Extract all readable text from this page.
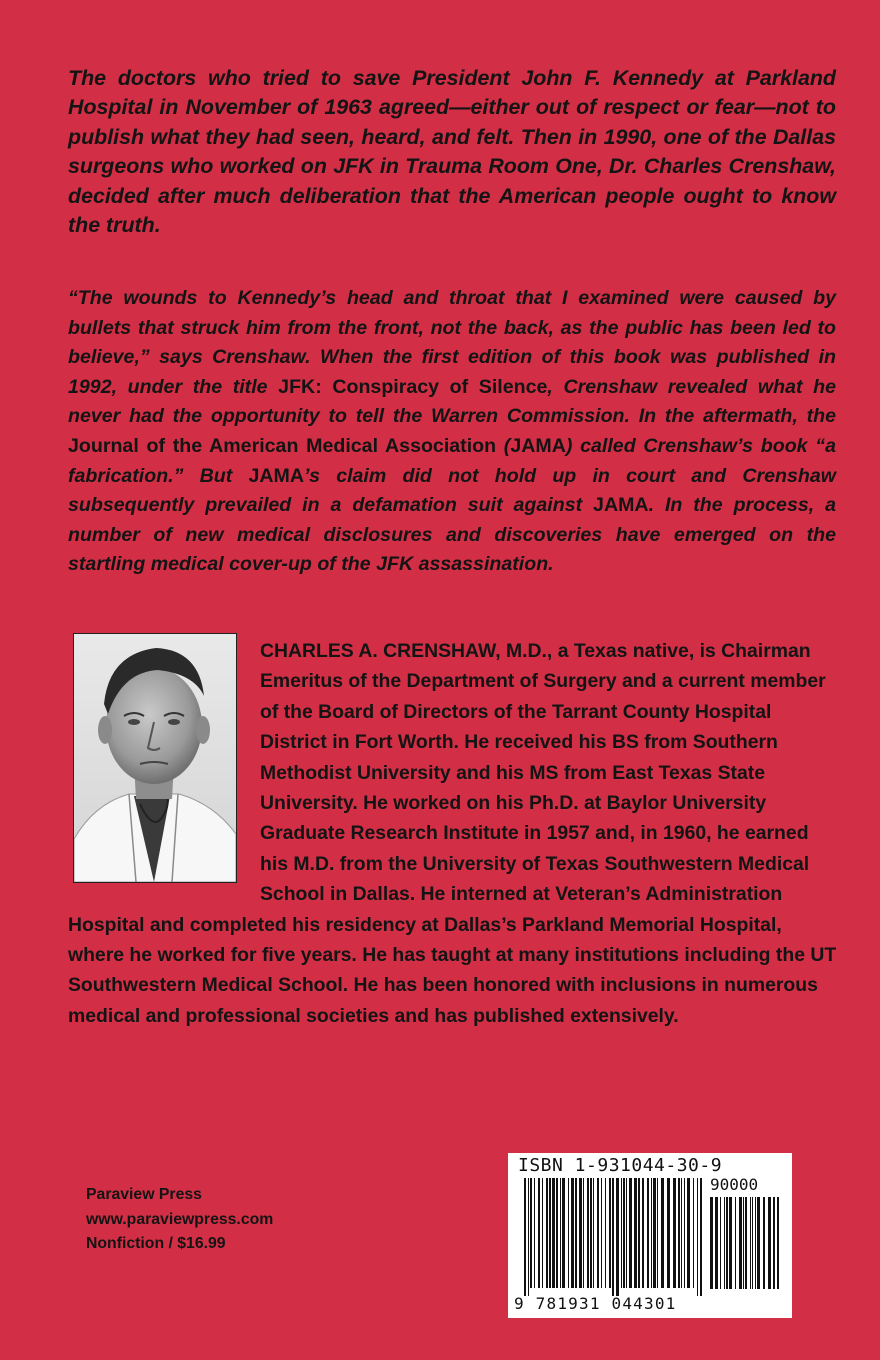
The doctors who tried to save President John F. Kennedy at Parkland Hospital in November of 1963 agreed—either out of respect or fear—not to publish what they had seen, heard, and felt. Then in 1990, one of the Dallas surgeons who worked on JFK in Trauma Room One, Dr. Charles Crenshaw, decided after much deliberation that the American people ought to know the truth.

“The wounds to Kennedy’s head and throat that I examined were caused by bullets that struck him from the front, not the back, as the public has been led to believe,” says Crenshaw. When the first edition of this book was published in 1992, under the title JFK: Conspiracy of Silence, Crenshaw revealed what he never had the opportunity to tell the Warren Commission. In the aftermath, the Journal of the American Medical Association (JAMA) called Crenshaw’s book “a fabrication.” But JAMA’s claim did not hold up in court and Crenshaw subsequently prevailed in a defamation suit against JAMA. In the process, a number of new medical disclosures and discoveries have emerged on the startling medical cover-up of the JFK assassination.

CHARLES A. CRENSHAW, M.D., a Texas native, is Chairman Emeritus of the Department of Surgery and a current member of the Board of Directors of the Tarrant County Hospital District in Fort Worth. He received his BS from Southern Methodist University and his MS from East Texas State University. He worked on his Ph.D. at Baylor University Graduate Research Institute in 1957 and, in 1960, he earned his M.D. from the University of Texas Southwestern Medical School in Dallas. He interned at Veteran’s Administration Hospital and completed his residency at Dallas’s Parkland Memorial Hospital, where he worked for five years. He has taught at many institutions including the UT Southwestern Medical School. He has been honored with inclusions in numerous medical and professional societies and has published extensively.
Paraview Press
www.paraviewpress.com
Nonfiction / $16.99
ISBN 1-931044-30-9
90000
9 781931 044301
